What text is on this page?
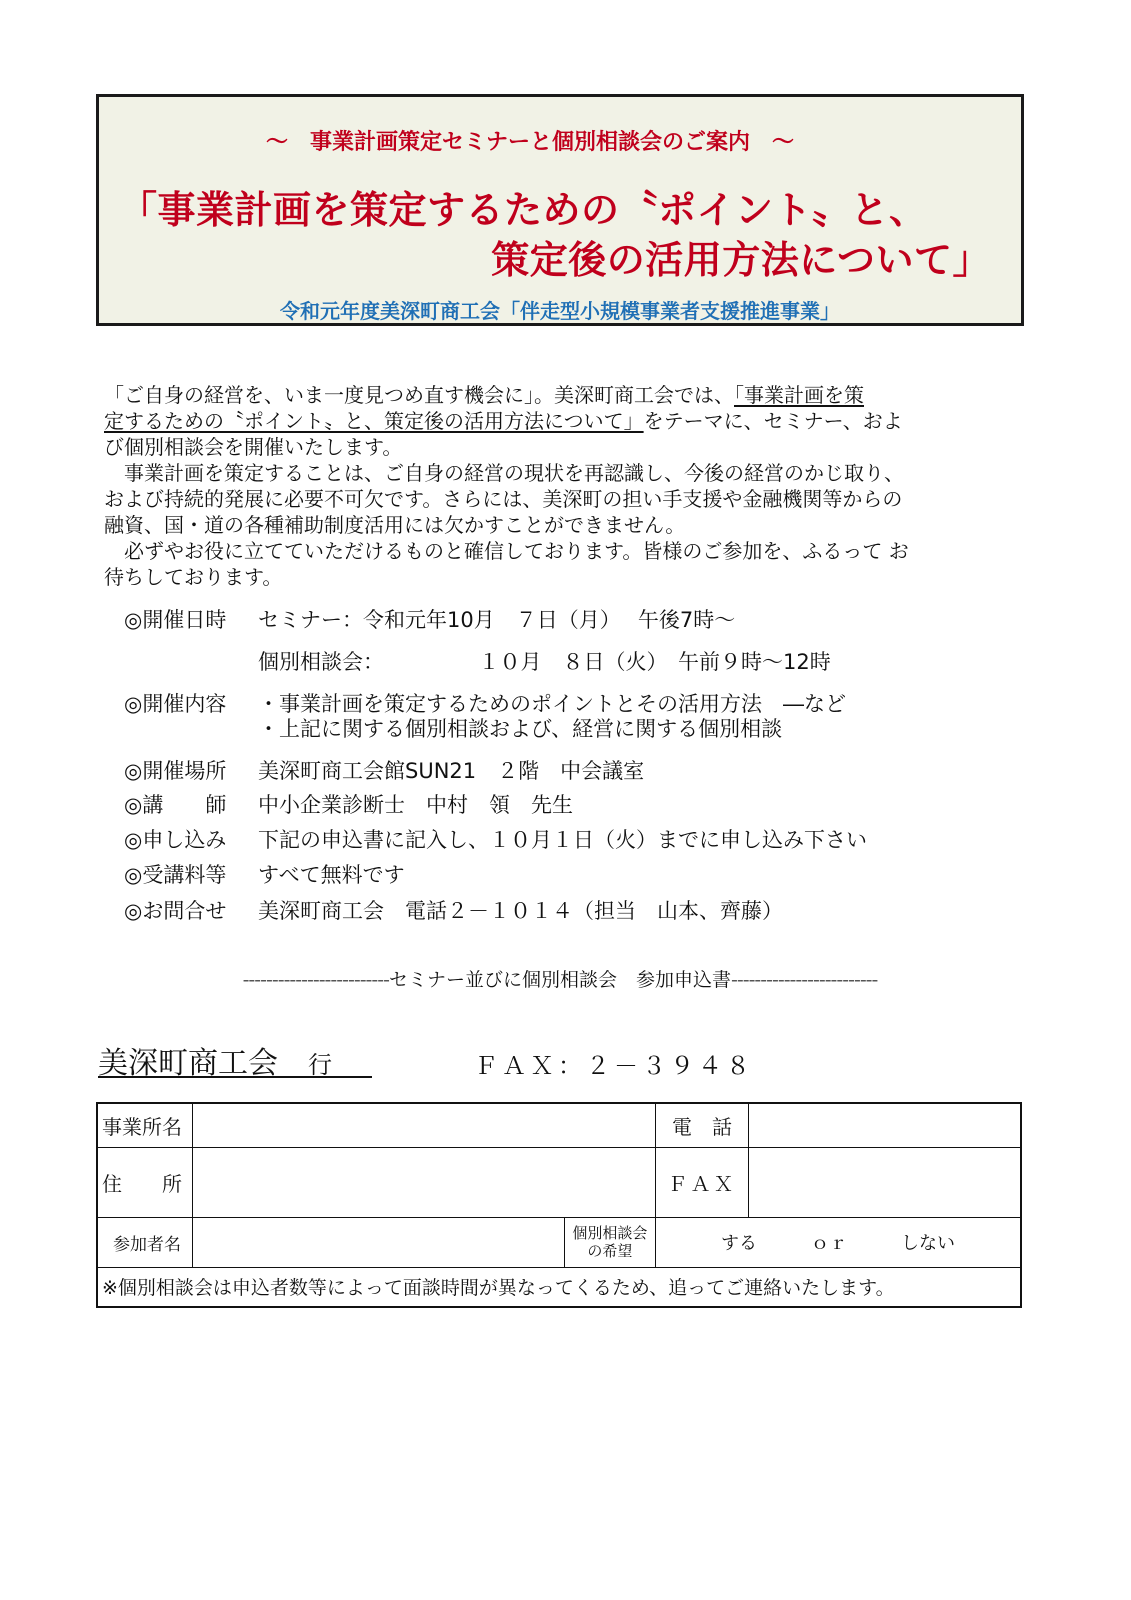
～　事業計画策定セミナーと個別相談会のご案内　～
「事業計画を策定するための〝ポイント〟と、
策定後の活用方法について」
令和元年度美深町商工会「伴走型小規模事業者支援推進事業」
「ご自身の経営を、いま一度見つめ直す機会に」。美深町商工会では、「事業計画を策
定するための〝ポイント〟と、策定後の活用方法について」をテーマに、セミナー、およ
び個別相談会を開催いたします。
　事業計画を策定することは、ご自身の経営の現状を再認識し、今後の経営のかじ取り、
および持続的発展に必要不可欠です。さらには、美深町の担い手支援や金融機関等からの
融資、国・道の各種補助制度活用には欠かすことができません。
　必ずやお役に立てていただけるものと確信しております。皆様のご参加を、ふるって お
待ちしております。
◎開催日時 セミナー：令和元年10月　７日（月）　 午後7時～
個別相談会：　　　　　１０月　８日（火）　午前９時～12時
◎開催内容 ・事業計画を策定するためのポイントとその活用方法　―など
・上記に関する個別相談および、経営に関する個別相談
◎開催場所 美深町商工会館SUN21　２階　中会議室
◎講　　師 中小企業診断士　中村　領　先生
◎申し込み 下記の申込書に記入し、１０月１日（火）までに申し込み下さい
◎受講料等 すべて無料です
◎お問合せ 美深町商工会　電話２－１０１４（担当　山本、齊藤）
-------------------------セミナー並びに個別相談会　参加申込書-------------------------
美深町商工会 行	ＦＡＸ：２－３９４８
事業所名			電　話	
住　　所			ＦＡＸ	
参加者名		個別相談会
の希望	する　　　 ｏｒ　　　 しない	
※個別相談会は申込者数等によって面談時間が異なってくるため、追ってご連絡いたします。				
